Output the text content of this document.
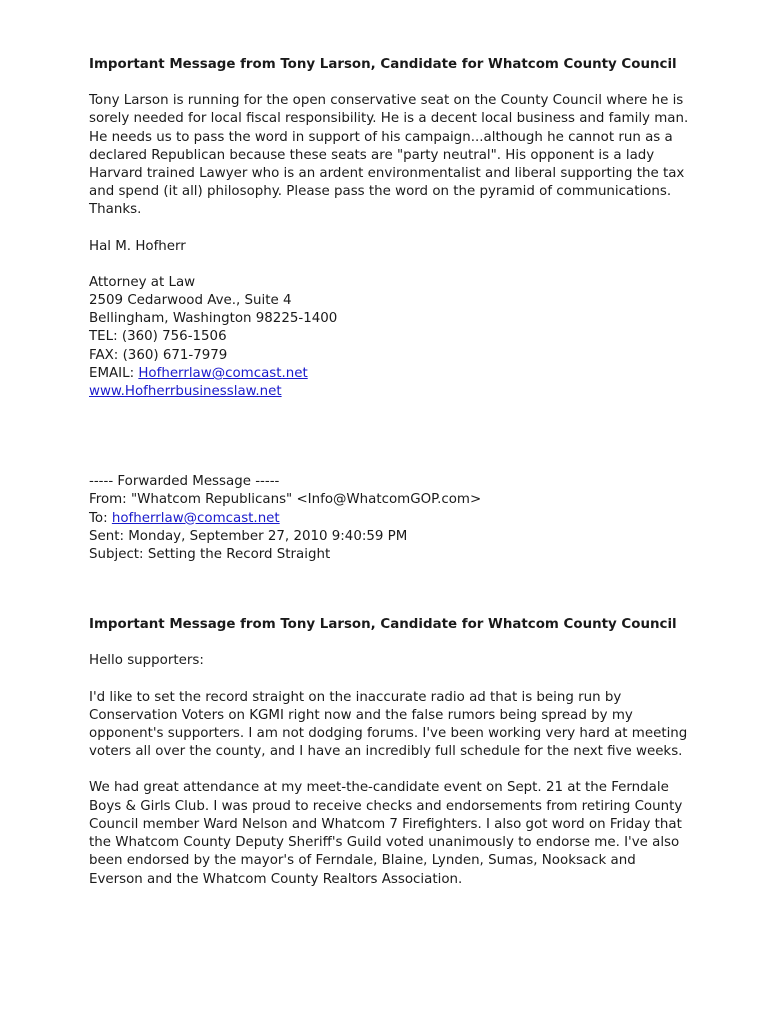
Important Message from Tony Larson, Candidate for Whatcom County Council

Tony Larson is running for the open conservative seat on the County Council where he is sorely needed for local fiscal responsibility. He is a decent local business and family man. He needs us to pass the word in support of his campaign...although he cannot run as a declared Republican because these seats are "party neutral". His opponent is a lady Harvard trained Lawyer who is an ardent environmentalist and liberal supporting the tax and spend (it all) philosophy. Please pass the word on the pyramid of communications. Thanks.

Hal M. Hofherr
Attorney at Law
2509 Cedarwood Ave., Suite 4
Bellingham, Washington 98225-1400
TEL: (360) 756-1506
FAX: (360) 671-7979
EMAIL: Hofherrlaw@comcast.net
www.Hofherrbusinesslaw.net
----- Forwarded Message -----
From: "Whatcom Republicans" <Info@WhatcomGOP.com>
To: hofherrlaw@comcast.net
Sent: Monday, September 27, 2010 9:40:59 PM
Subject: Setting the Record Straight

Important Message from Tony Larson, Candidate for Whatcom County Council

Hello supporters:

I'd like to set the record straight on the inaccurate radio ad that is being run by Conservation Voters on KGMI right now and the false rumors being spread by my opponent's supporters. I am not dodging forums. I've been working very hard at meeting voters all over the county, and I have an incredibly full schedule for the next five weeks.

We had great attendance at my meet-the-candidate event on Sept. 21 at the Ferndale Boys & Girls Club. I was proud to receive checks and endorsements from retiring County Council member Ward Nelson and Whatcom 7 Firefighters. I also got word on Friday that the Whatcom County Deputy Sheriff's Guild voted unanimously to endorse me. I've also been endorsed by the mayor's of Ferndale, Blaine, Lynden, Sumas, Nooksack and Everson and the Whatcom County Realtors Association.
